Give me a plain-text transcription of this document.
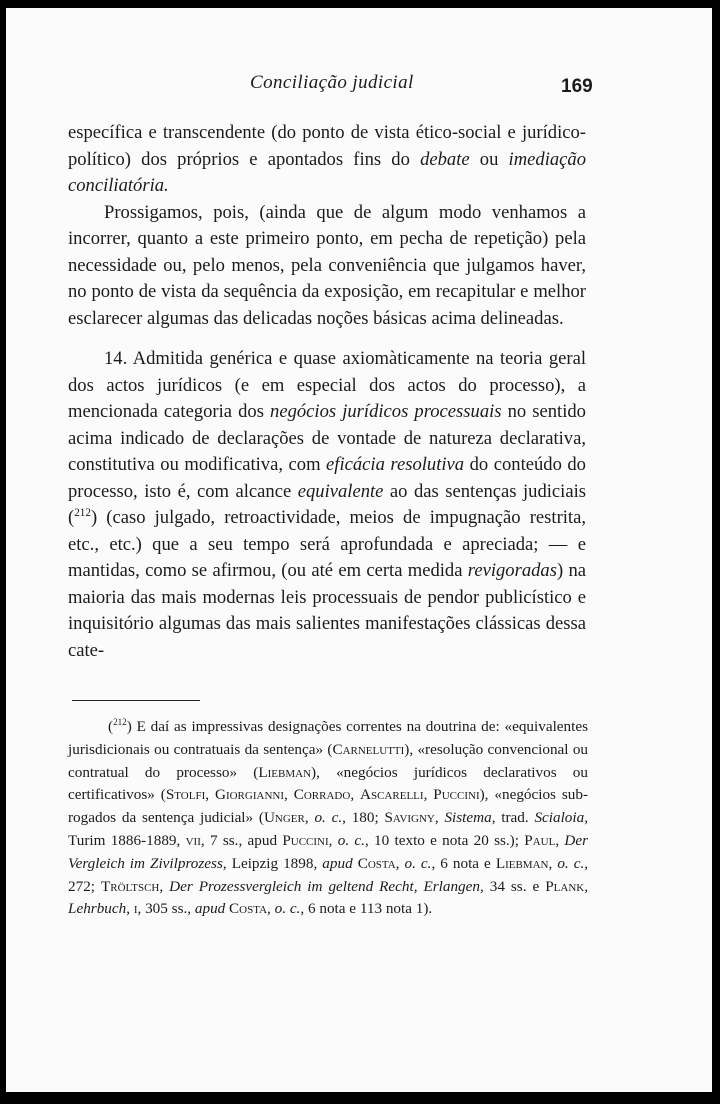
Conciliação judicial	169

específica e transcendente (do ponto de vista ético-social e jurídico-político) dos próprios e apontados fins do debate ou imediação conciliatória.

Prossigamos, pois, (ainda que de algum modo venhamos a incorrer, quanto a este primeiro ponto, em pecha de repetição) pela necessidade ou, pelo menos, pela conveniência que julgamos haver, no ponto de vista da sequência da exposição, em recapitular e melhor esclarecer algumas das delicadas noções básicas acima delineadas.

14. Admitida genérica e quase axiomàticamente na teoria geral dos actos jurídicos (e em especial dos actos do processo), a mencionada categoria dos negócios jurídicos processuais no sentido acima indicado de declarações de vontade de natureza declarativa, constitutiva ou modificativa, com eficácia resolutiva do conteúdo do processo, isto é, com alcance equivalente ao das sentenças judiciais ($^{212}$) (caso julgado, retroactividade, meios de impugnação restrita, etc., etc.) que a seu tempo será aprofundada e apreciada; — e mantidas, como se afirmou, (ou até em certa medida revigoradas) na maioria das mais modernas leis processuais de pendor publicístico e inquisitório algumas das mais salientes manifestações clássicas dessa cate-

($^{212}$) E daí as impressivas designações correntes na doutrina de: «equivalentes jurisdicionais ou contratuais da sentença» (Carnelutti), «resolução convencional ou contratual do processo» (Liebman), «negócios jurídicos declarativos ou certificativos» (Stolfi, Giorgianni, Corrado, Ascarelli, Puccini), «negócios sub-rogados da sentença judicial» (Unger, o. c., 180; Savigny, Sistema, trad. Scialoia, Turim 1886-1889, vii, 7 ss., apud Puccini, o. c., 10 texto e nota 20 ss.); Paul, Der Vergleich im Zivilprozess, Leipzig 1898, apud Costa, o. c., 6 nota e Liebman, o. c., 272; Tröltsch, Der Prozessvergleich im geltend Recht, Erlangen, 34 ss. e Plank, Lehrbuch, i, 305 ss., apud Costa, o. c., 6 nota e 113 nota 1).
